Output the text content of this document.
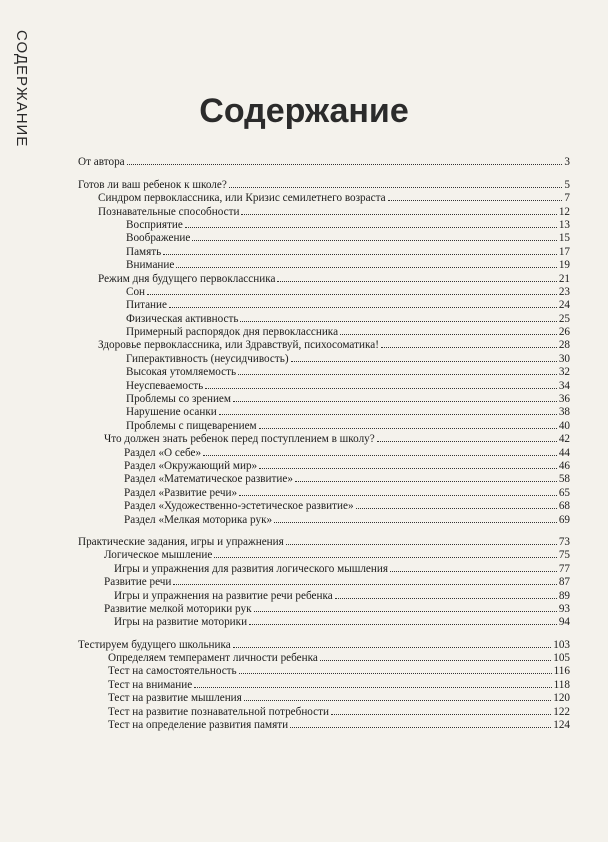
СОДЕРЖАНИЕ	Содержание
От автора	3
Готов ли ваш ребенок к школе?	5
Синдром первоклассника, или Кризис семилетнего возраста	7
Познавательные способности	12
Восприятие	13
Воображение	15
Память	17
Внимание	19
Режим дня будущего первоклассника	21
Сон	23
Питание	24
Физическая активность	25
Примерный распорядок дня первоклассника	26
Здоровье первоклассника, или Здравствуй, психосоматика!	28
Гиперактивность (неусидчивость)	30
Высокая утомляемость	32
Неуспеваемость	34
Проблемы со зрением	36
Нарушение осанки	38
Проблемы с пищеварением	40
Что должен знать ребенок перед поступлением в школу?	42
Раздел «О себе»	44
Раздел «Окружающий мир»	46
Раздел «Математическое развитие»	58
Раздел «Развитие речи»	65
Раздел «Художественно-эстетическое развитие»	68
Раздел «Мелкая моторика рук»	69
Практические задания, игры и упражнения	73
Логическое мышление	75
Игры и упражнения для развития логического мышления	77
Развитие речи	87
Игры и упражнения на развитие речи ребенка	89
Развитие мелкой моторики рук	93
Игры на развитие моторики	94
Тестируем будущего школьника	103
Определяем темперамент личности ребенка	105
Тест на самостоятельность	116
Тест на внимание	118
Тест на развитие мышления	120
Тест на развитие познавательной потребности	122
Тест на определение развития памяти	124
